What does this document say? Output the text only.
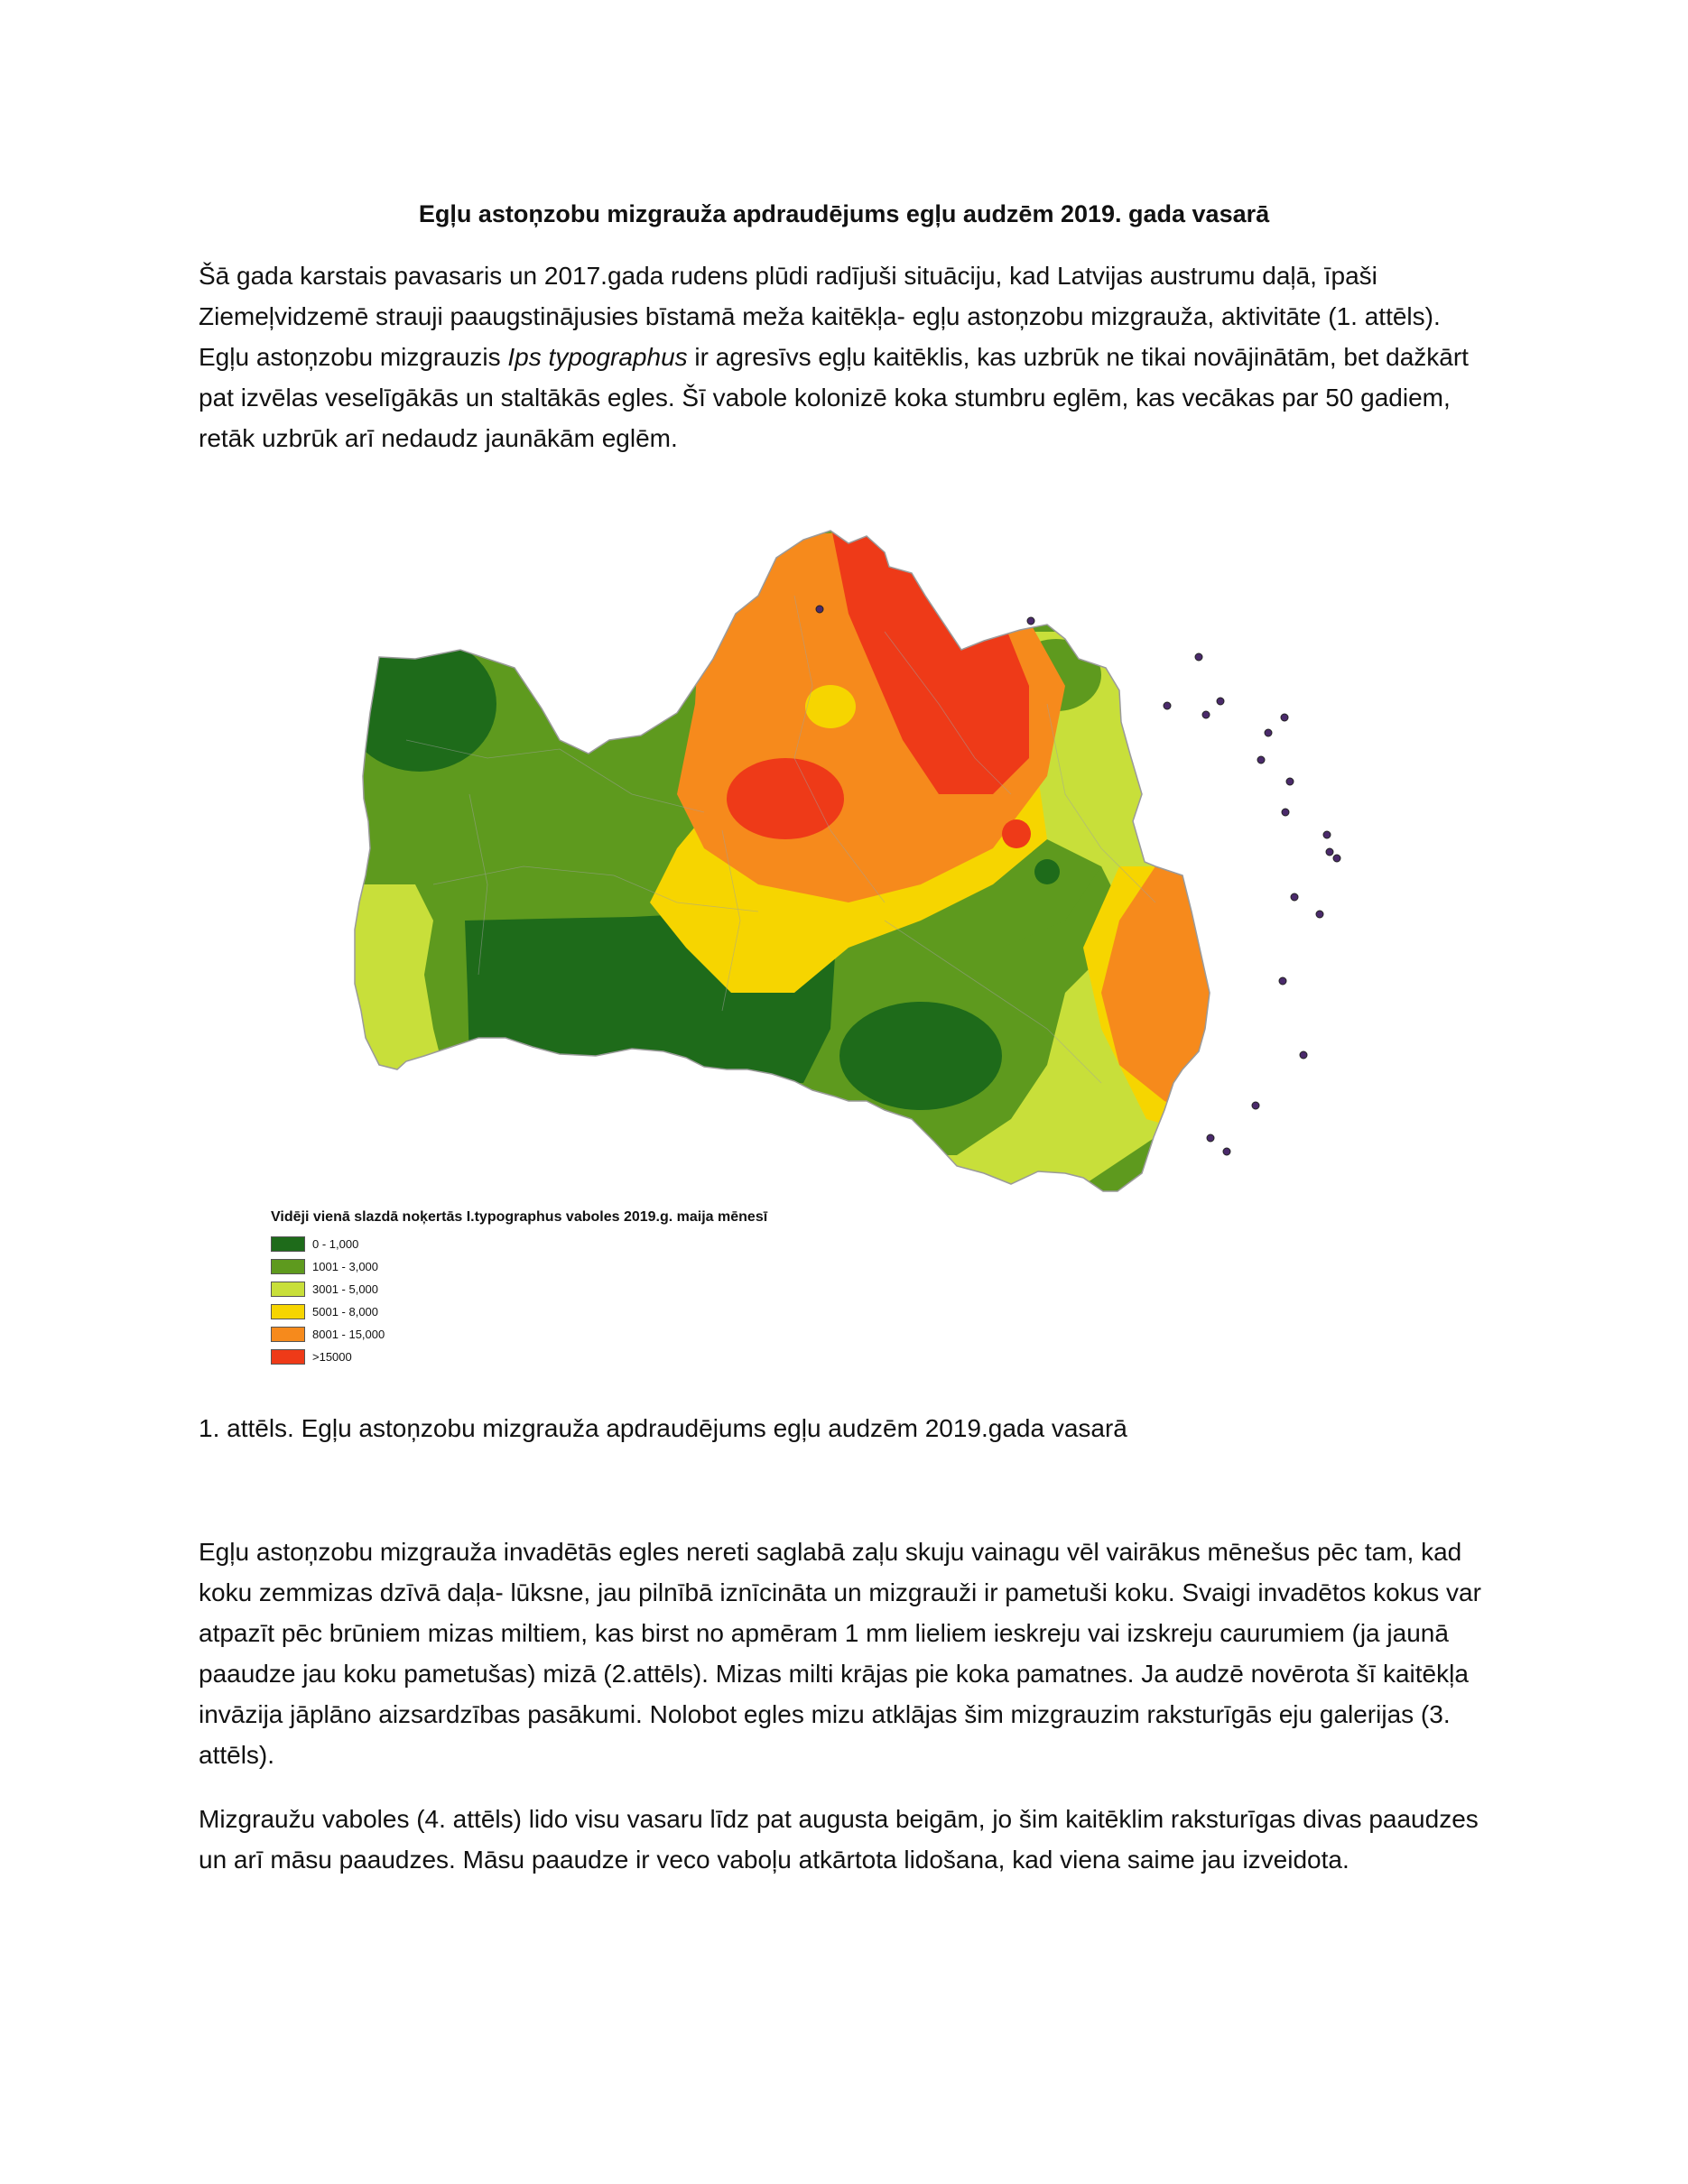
Egļu astoņzobu mizgrauža apdraudējums egļu audzēm 2019. gada vasarā

Šā gada karstais pavasaris un 2017.gada rudens plūdi radījuši situāciju, kad Latvijas austrumu daļā, īpaši Ziemeļvidzemē strauji paaugstinājusies bīstamā meža kaitēkļa- egļu astoņzobu mizgrauža, aktivitāte (1. attēls). Egļu astoņzobu mizgrauzis Ips typographus ir agresīvs egļu kaitēklis, kas uzbrūk ne tikai novājinātām, bet dažkārt pat izvēlas veselīgākās un staltākās egles. Šī vabole kolonizē koka stumbru eglēm, kas vecākas par 50 gadiem, retāk uzbrūk arī nedaudz jaunākām eglēm.

Vidēji vienā slazdā noķertās I.typographus vaboles 2019.g. maija mēnesī
0 - 1,000
1001 - 3,000
3001 - 5,000
5001 - 8,000
8001 - 15,000
>15000

1. attēls. Egļu astoņzobu mizgrauža apdraudējums egļu audzēm 2019.gada vasarā

Egļu astoņzobu mizgrauža invadētās egles nereti saglabā zaļu skuju vainagu vēl vairākus mēnešus pēc tam, kad koku zemmizas dzīvā daļa- lūksne, jau pilnībā iznīcināta un mizgrauži ir pametuši koku. Svaigi invadētos kokus var atpazīt pēc brūniem mizas miltiem, kas birst no apmēram 1 mm lieliem ieskreju vai izskreju caurumiem (ja jaunā paaudze jau koku pametušas) mizā (2.attēls). Mizas milti krājas pie koka pamatnes. Ja audzē novērota šī kaitēkļa invāzija jāplāno aizsardzības pasākumi. Nolobot egles mizu atklājas šim mizgrauzim raksturīgās eju galerijas (3. attēls).

Mizgraužu vaboles (4. attēls) lido visu vasaru līdz pat augusta beigām, jo šim kaitēklim raksturīgas divas paaudzes un arī māsu paaudzes. Māsu paaudze ir veco vaboļu atkārtota lidošana, kad viena saime jau izveidota.
